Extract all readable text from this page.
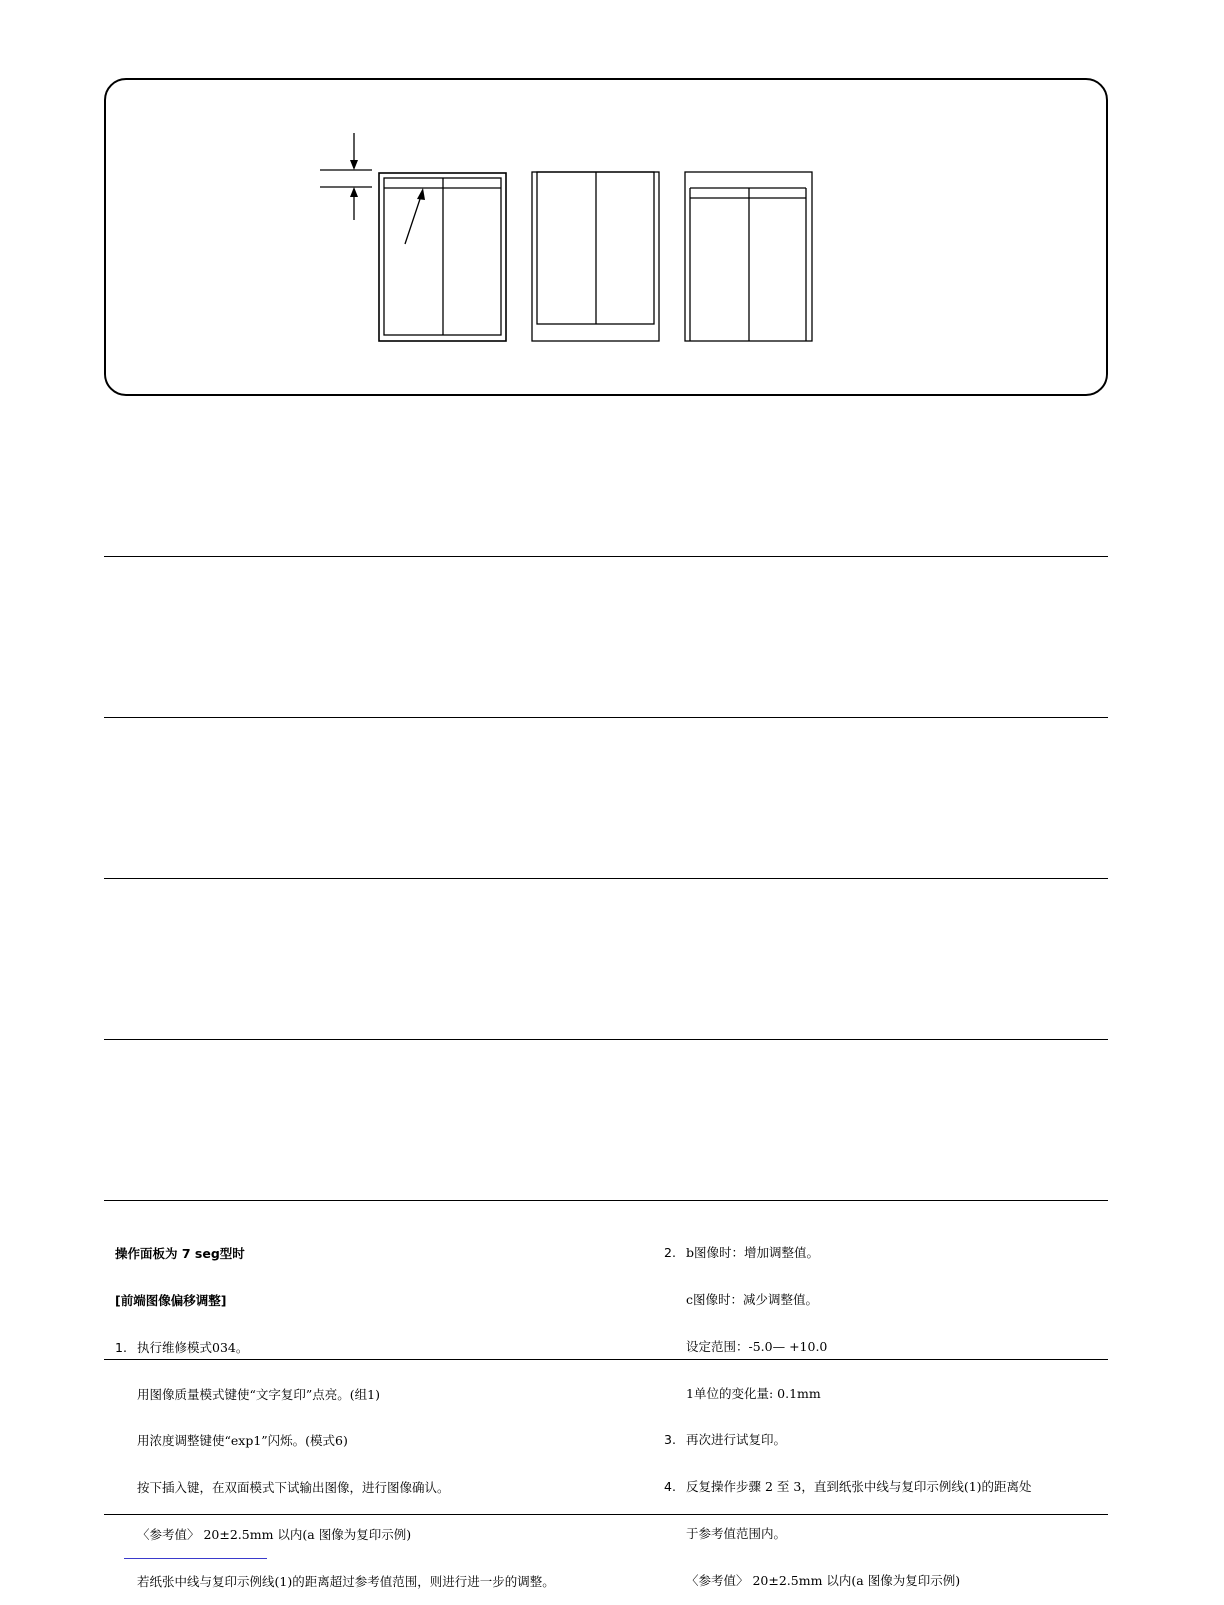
操作面板为 7 seg型时

[前端图像偏移调整]

1. 执行维修模式034。

用图像质量模式键使“文字复印”点亮。(组1)

用浓度调整键使“exp1”闪烁。(模式6)

按下插入键，在双面模式下试输出图像，进行图像确认。

〈参考值〉 20±2.5mm 以内(a 图像为复印示例)

若纸张中线与复印示例线(1)的距离超过参考值范围，则进行进一步的调整。

2. b图像时：增加调整值。

c图像时：减少调整值。

设定范围：-5.0— +10.0

1单位的变化量: 0.1mm

3. 再次进行试复印。

4. 反复操作步骤 2 至 3，直到纸张中线与复印示例线(1)的距离处

于参考值范围内。

〈参考值〉 20±2.5mm 以内(a 图像为复印示例)
